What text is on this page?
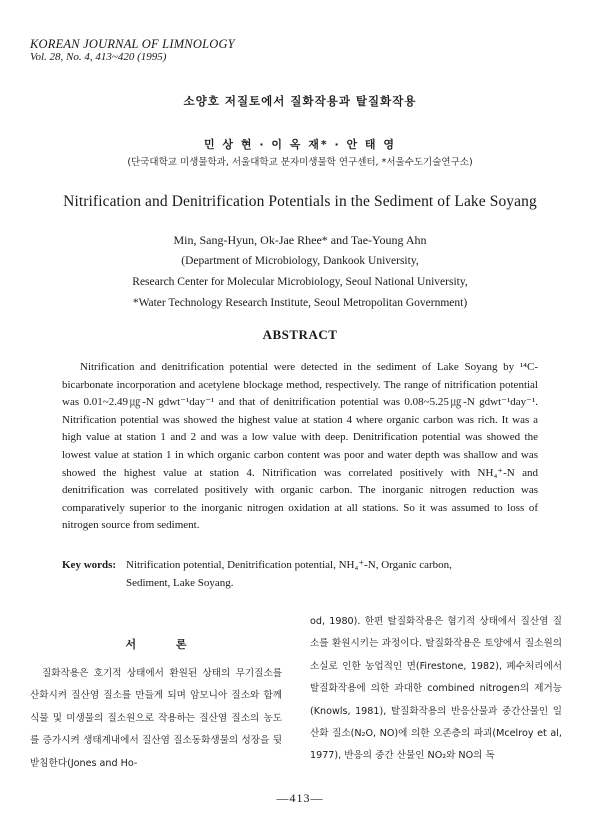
KOREAN JOURNAL OF LIMNOLOGY
Vol. 28, No. 4, 413~420 (1995)
소양호 저질토에서 질화작용과 탈질화작용
민 상 현 · 이 옥 재* · 안 태 영
(단국대학교 미생물학과, 서울대학교 분자미생물학 연구센터, *서울수도기술연구소)
Nitrification and Denitrification Potentials in the Sediment of Lake Soyang
Min, Sang-Hyun, Ok-Jae Rhee* and Tae-Young Ahn
(Department of Microbiology, Dankook University,
Research Center for Molecular Microbiology, Seoul National University,
*Water Technology Research Institute, Seoul Metropolitan Government)
ABSTRACT
Nitrification and denitrification potential were detected in the sediment of Lake Soyang by ¹⁴C-bicarbonate incorporation and acetylene blockage method, respectively. The range of nitrification potential was 0.01~2.49㎍-N gdwt⁻¹day⁻¹ and that of denitrification potential was 0.08~5.25㎍-N gdwt⁻¹day⁻¹. Nitrification potential was showed the highest value at station 4 where organic carbon was rich. It was a high value at station 1 and 2 and was a low value with deep. Denitrification potential was showed the lowest value at station 1 in which organic carbon content was poor and water depth was shallow and was showed the highest value at station 4. Nitrification was correlated positively with NH₄⁺-N and denitrification was correlated positively with organic carbon. The inorganic nitrogen reduction was comparatively superior to the inorganic nitrogen oxidation at all stations. So it was assumed to loss of nitrogen source from sediment.
Key words: Nitrification potential, Denitrification potential, NH₄⁺-N, Organic carbon,
Sediment, Lake Soyang.
서 론
질화작용은 호기적 상태에서 환원된 상태의 무기질소를 산화시켜 질산염 질소를 만들게 되며 암모니아 질소와 함께 식물 및 미생물의 질소원으로 작용하는 질산염 질소의 농도를 증가시켜 생태계내에서 질산염 질소동화생물의 성장을 뒷받침한다(Jones and Ho-
od, 1980). 한편 탈질화작용은 혐기적 상태에서 질산염 질소를 환원시키는 과정이다. 탈질화작용은 토양에서 질소원의 소실로 인한 농업적인 면(Firestone, 1982), 폐수처리에서 탈질화작용에 의한 과대한 combined nitrogen의 제거능(Knowls, 1981), 탈질화작용의 반응산물과 중간산물인 일산화 질소(N₂O, NO)에 의한 오존층의 파괴(Mcelroy et al, 1977), 반응의 중간 산물인 NO₂와 NO의 독
—413—
